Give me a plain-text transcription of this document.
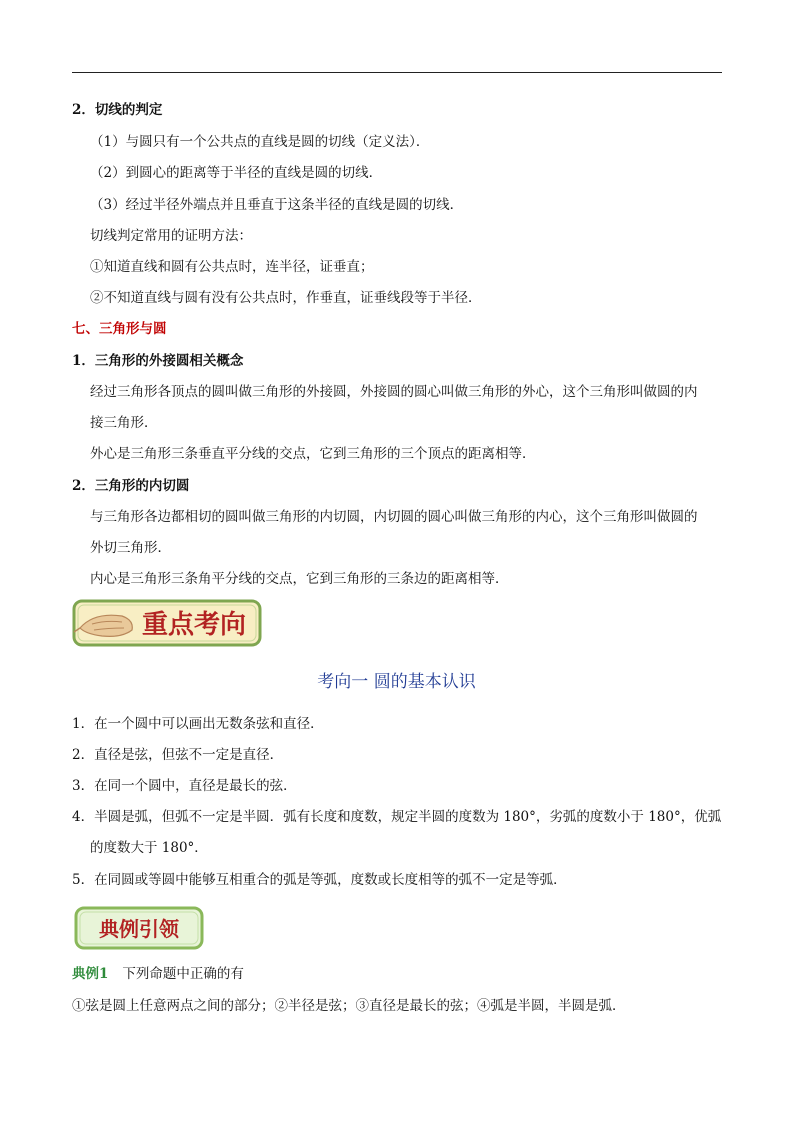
2．切线的判定
（1）与圆只有一个公共点的直线是圆的切线（定义法）．
（2）到圆心的距离等于半径的直线是圆的切线．
（3）经过半径外端点并且垂直于这条半径的直线是圆的切线．
切线判定常用的证明方法：
①知道直线和圆有公共点时，连半径，证垂直；
②不知道直线与圆有没有公共点时，作垂直，证垂线段等于半径．
七、三角形与圆
1．三角形的外接圆相关概念
经过三角形各顶点的圆叫做三角形的外接圆，外接圆的圆心叫做三角形的外心，这个三角形叫做圆的内
接三角形．
外心是三角形三条垂直平分线的交点，它到三角形的三个顶点的距离相等．
2．三角形的内切圆
与三角形各边都相切的圆叫做三角形的内切圆，内切圆的圆心叫做三角形的内心，这个三角形叫做圆的
外切三角形．
内心是三角形三条角平分线的交点，它到三角形的三条边的距离相等．
重点考向
考向一 圆的基本认识
1．在一个圆中可以画出无数条弦和直径．
2．直径是弦，但弦不一定是直径．
3．在同一个圆中，直径是最长的弦．
4．半圆是弧，但弧不一定是半圆．弧有长度和度数，规定半圆的度数为 180°，劣弧的度数小于 180°，优弧
的度数大于 180°．
5．在同圆或等圆中能够互相重合的弧是等弧，度数或长度相等的弧不一定是等弧．
典例引领
典例1 下列命题中正确的有
①弦是圆上任意两点之间的部分；②半径是弦；③直径是最长的弦；④弧是半圆，半圆是弧．
